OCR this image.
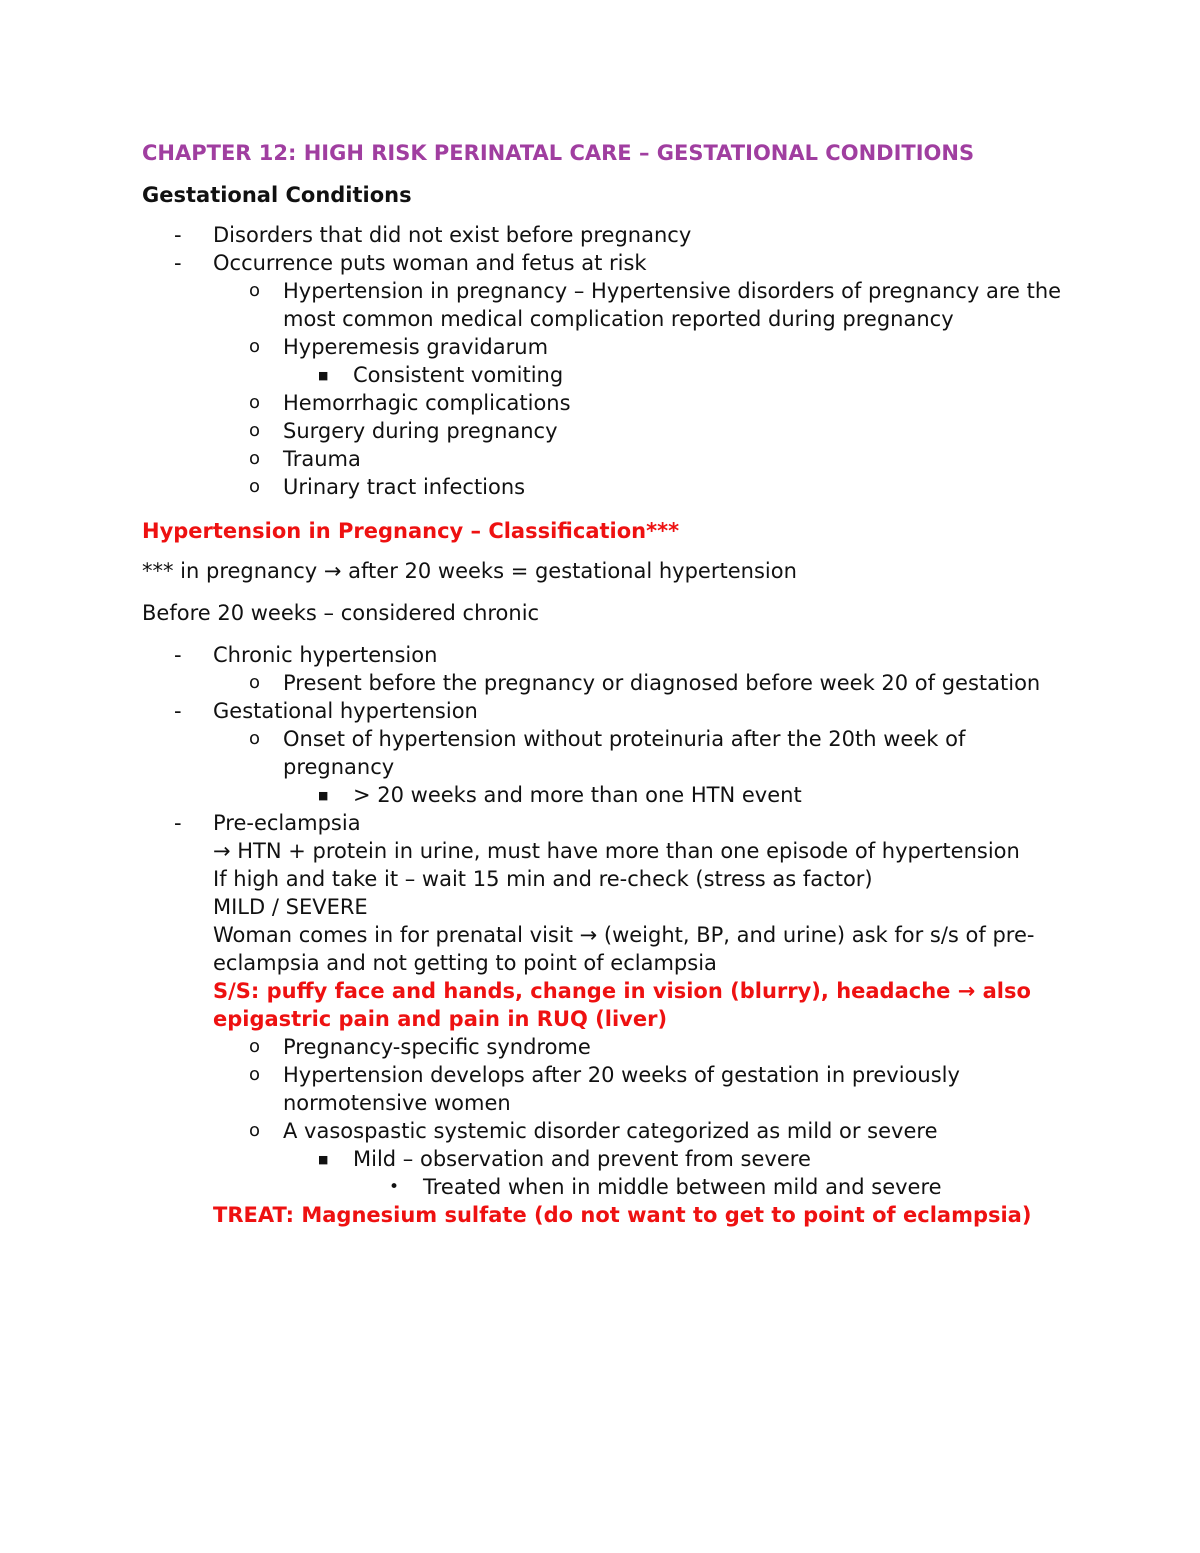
CHAPTER 12: HIGH RISK PERINATAL CARE – GESTATIONAL CONDITIONS
Gestational Conditions
- Disorders that did not exist before pregnancy
- Occurrence puts woman and fetus at risk
o Hypertension in pregnancy – Hypertensive disorders of pregnancy are the most common medical complication reported during pregnancy
o Hyperemesis gravidarum
■ Consistent vomiting
o Hemorrhagic complications
o Surgery during pregnancy
o Trauma
o Urinary tract infections
Hypertension in Pregnancy – Classification***
*** in pregnancy → after 20 weeks = gestational hypertension
Before 20 weeks – considered chronic
- Chronic hypertension
o Present before the pregnancy or diagnosed before week 20 of gestation
- Gestational hypertension
o Onset of hypertension without proteinuria after the 20th week of pregnancy
■ > 20 weeks and more than one HTN event
- Pre-eclampsia
→ HTN + protein in urine, must have more than one episode of hypertension
If high and take it – wait 15 min and re-check (stress as factor)
MILD / SEVERE
Woman comes in for prenatal visit → (weight, BP, and urine) ask for s/s of pre-eclampsia and not getting to point of eclampsia
S/S: puffy face and hands, change in vision (blurry), headache → also epigastric pain and pain in RUQ (liver)
o Pregnancy-specific syndrome
o Hypertension develops after 20 weeks of gestation in previously normotensive women
o A vasospastic systemic disorder categorized as mild or severe
■ Mild – observation and prevent from severe
• Treated when in middle between mild and severe
TREAT: Magnesium sulfate (do not want to get to point of eclampsia)
